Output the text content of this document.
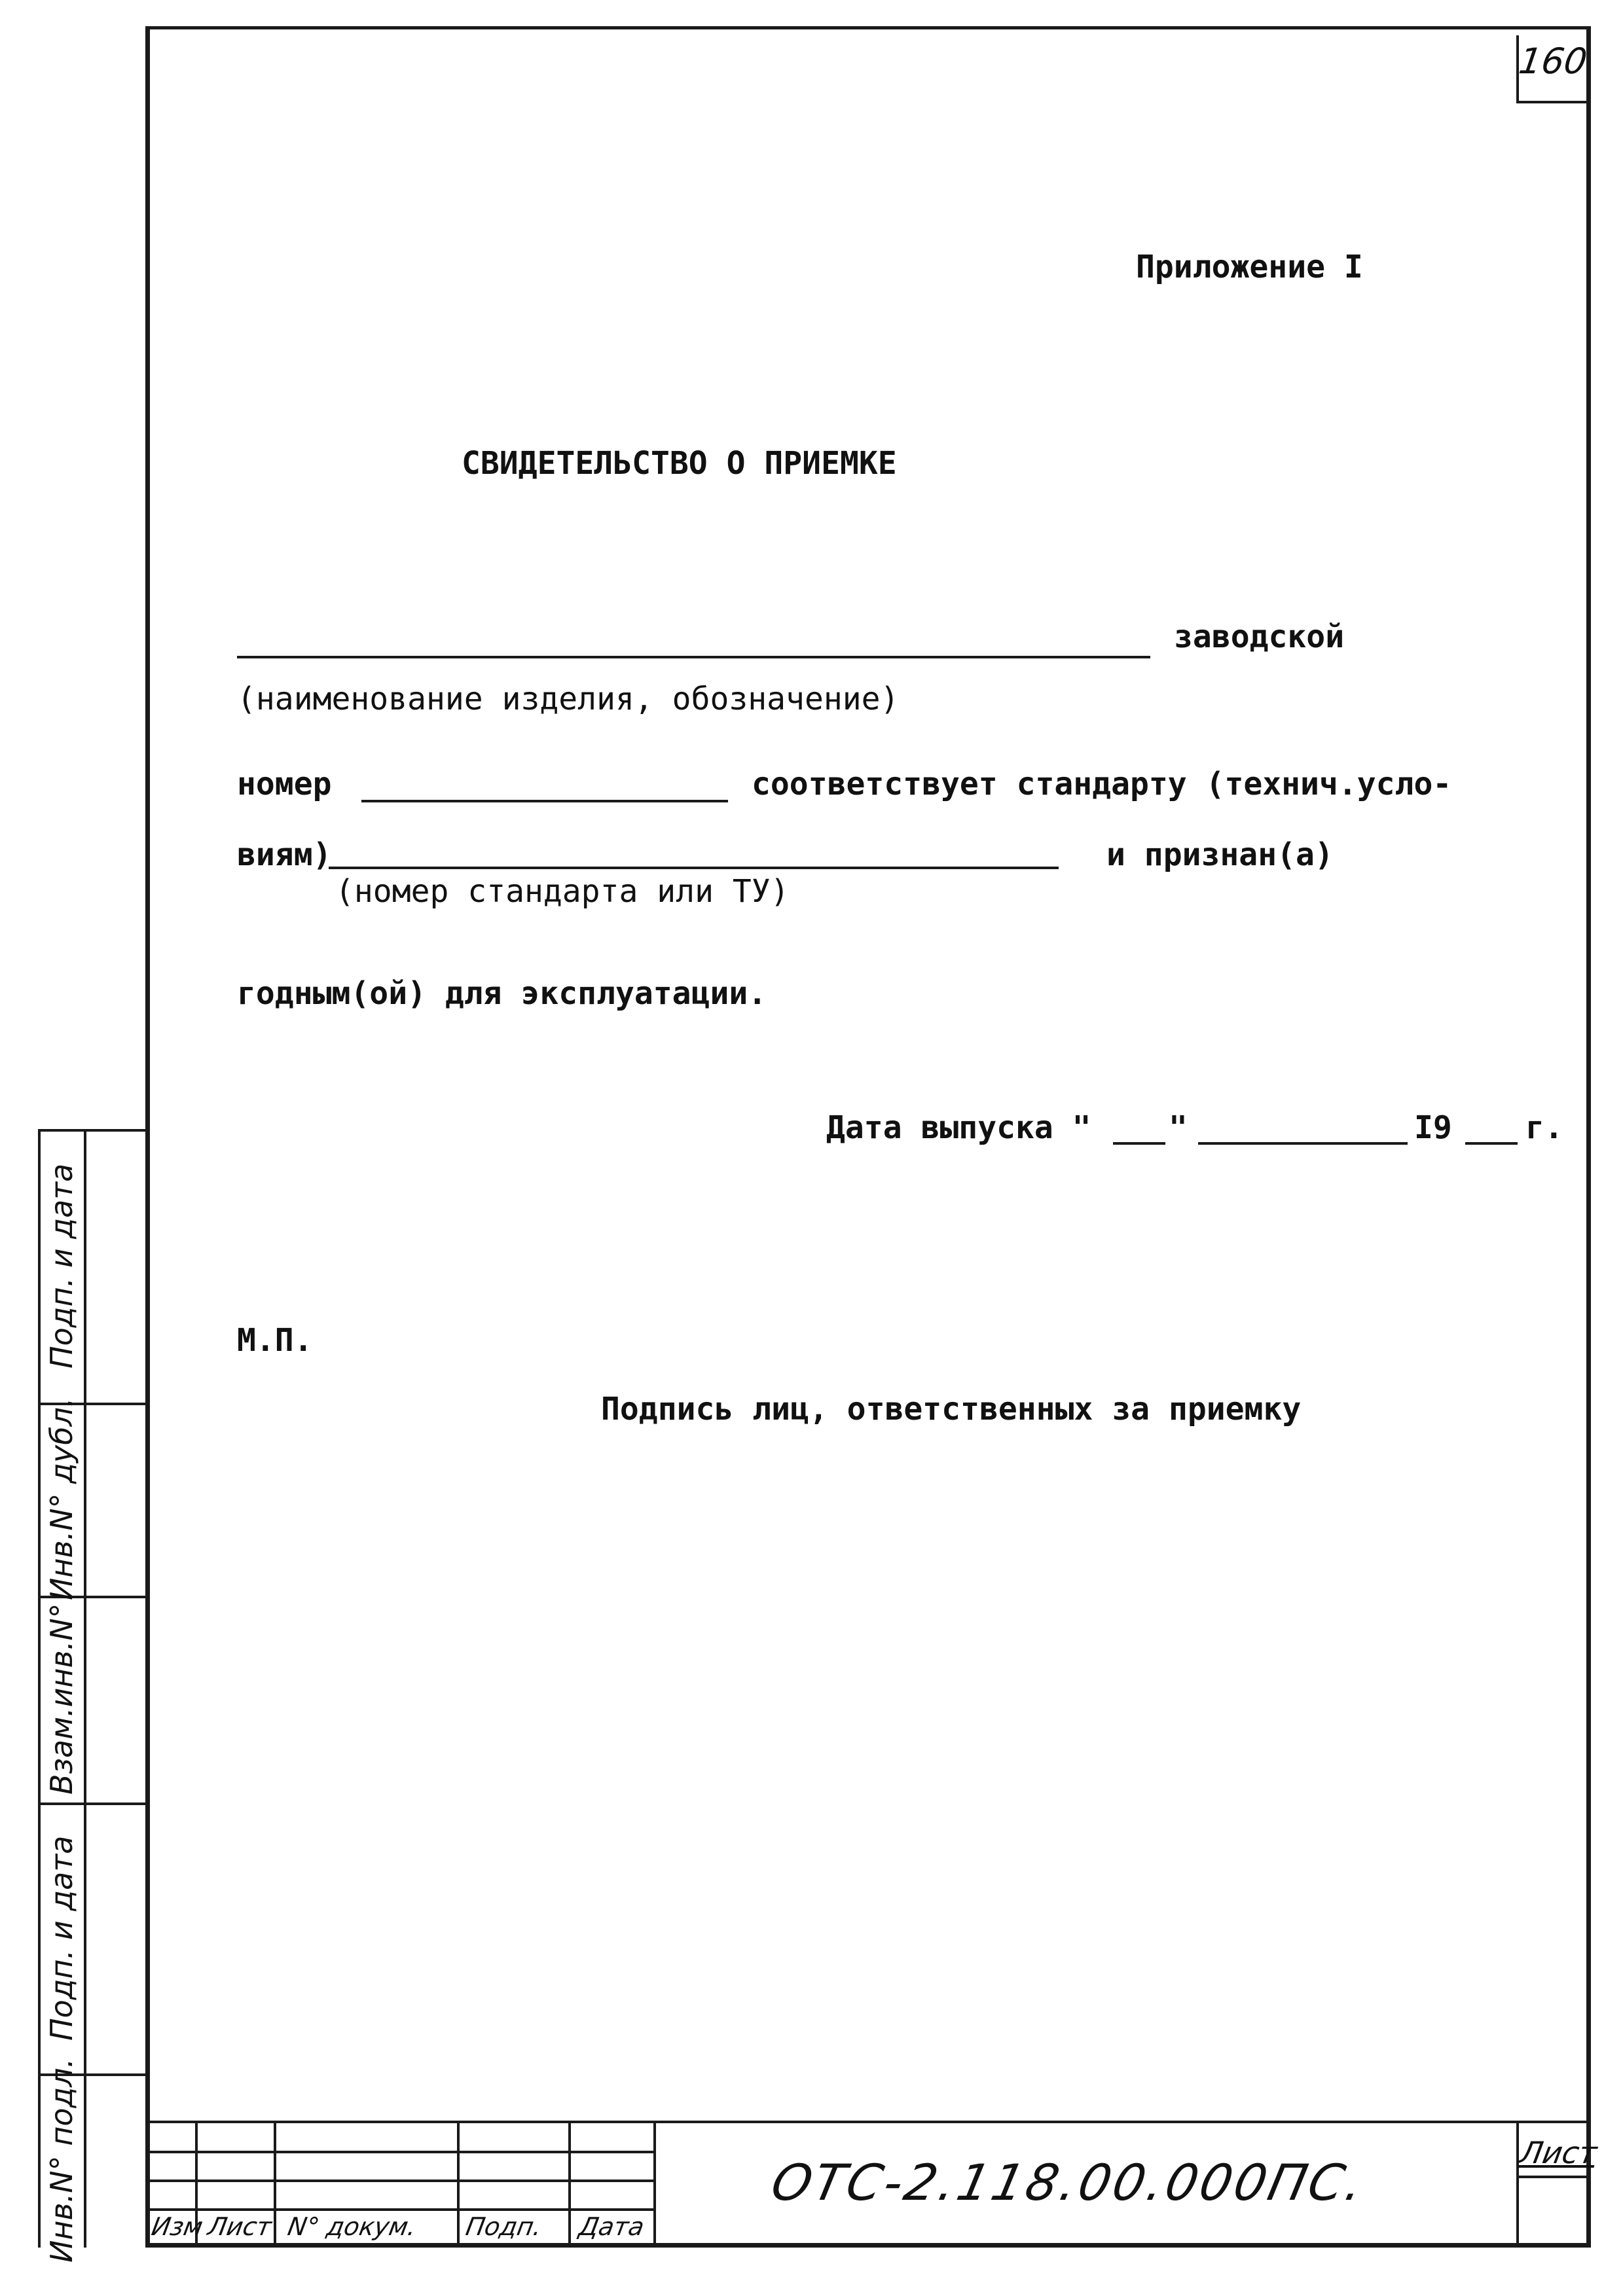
160
Приложение I
СВИДЕТЕЛЬСТВО О ПРИЕМКЕ
заводской
(наименование изделия, обозначение)
номер	соответствует стандарту (технич.усло-
виям)	и признан(а)
(номер стандарта или ТУ)
годным(ой) для эксплуатации.
Дата выпуска " "	I9 г.
М.П.
Подпись лиц, ответственных за приемку
Инв.N° подл.
Подп. и дата
Взам.инв.N°
Инв.N° дубл.
Подп. и дата
Изм Лист N° докум. Подп. Дата
ОТС-2.118.00.000ПС.
Лист
